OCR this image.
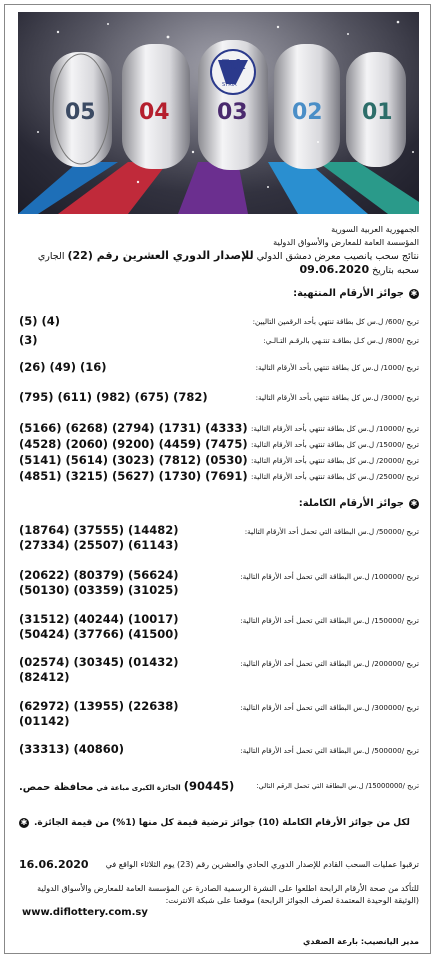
05 04 03 02 01
7th
SYRIA
الجمهورية العربية السورية
المؤسسة العامة للمعارض والأسواق الدولية
نتائج سحب يانصيب معرض دمشق الدولي للإصدار الدوري العشرين رقم (22) الجاري سحبه بتاريخ 09.06.2020
✱
جوائز الأرقام المنتهية:
تربح /600/ ل.س كل بطاقة تنتهي بأحد الرقمين التاليين:
(5) (4)
تربح /800/ ل.س كـل بطاقـة تنتـهي بالرقـم التـالـي:
(3)
تربح /1000/ ل.س كل بطاقة تنتهي بأحد الأرقام التالية:
(26) (49) (16)
تربح /3000/ ل.س كل بطاقة تنتهي بأحد الأرقام التالية:
(795) (611) (982) (675) (782)
تربح /10000/ ل.س كل بطاقة تنتهي بأحد الأرقام التالية:
(5166) (6268) (2794) (1731) (4333)
تربح /15000/ ل.س كل بطاقة تنتهي بأحد الأرقام التالية:
(4528) (2060) (9200) (4459) (7475)
تربح /20000/ ل.س كل بطاقة تنتهي بأحد الأرقام التالية:
(5141) (5614) (3023) (7812) (0530)
تربح /25000/ ل.س كل بطاقة تنتهي بأحد الأرقام التالية:
(4851) (3215) (5627) (1730) (7691)
✱
جوائز الأرقام الكاملة:
تربح /50000/ ل.س البطاقة التي تحمل أحد الأرقام التالية:
(18764) (37555) (14482)
(27334) (25507) (61143)
تربح /100000/ ل.س البطاقة التي تحمل أحد الأرقام التالية:
(20622) (80379) (56624)
(50130) (03359) (31025)
تربح /150000/ ل.س البطاقة التي تحمل أحد الأرقام التالية:
(31512) (40244) (10017)
(50424) (37766) (41500)
تربح /200000/ ل.س البطاقة التي تحمل أحد الأرقام التالية:
(02574) (30345) (01432)
(82412)
تربح /300000/ ل.س البطاقة التي تحمل أحد الأرقام التالية:
(62972) (13955) (22638)
(01142)
تربح /500000/ ل.س البطاقة التي تحمل أحد الأرقام التالية:
(33313) (40860)
تربح /15000000/ ل.س البطاقة التي تحمل الرقم التالي:
(90445)
الجائزة الكبرى مباعة في
محافظة حمص.
✱ لكل من جوائز الأرقام الكاملة (10) جوائز ترضية قيمة كل منها (1%) من قيمة الجائزة.
16.06.2020 ترقبوا عمليات السحب القادم للإصدار الدوري الحادي والعشرين رقم (23) يوم الثلاثاء الواقع في
للتأكد من صحة الأرقام الرابحة اطلعوا على النشرة الرسمية الصادرة عن المؤسسة العامة للمعارض والأسواق الدولية
(الوثيقة الوحيدة المعتمدة لصرف الجوائز الرابحة) موقعنا على شبكة الانترنت:
www.diflottery.com.sy
مدير اليانصيب: بارعة الصفدي
